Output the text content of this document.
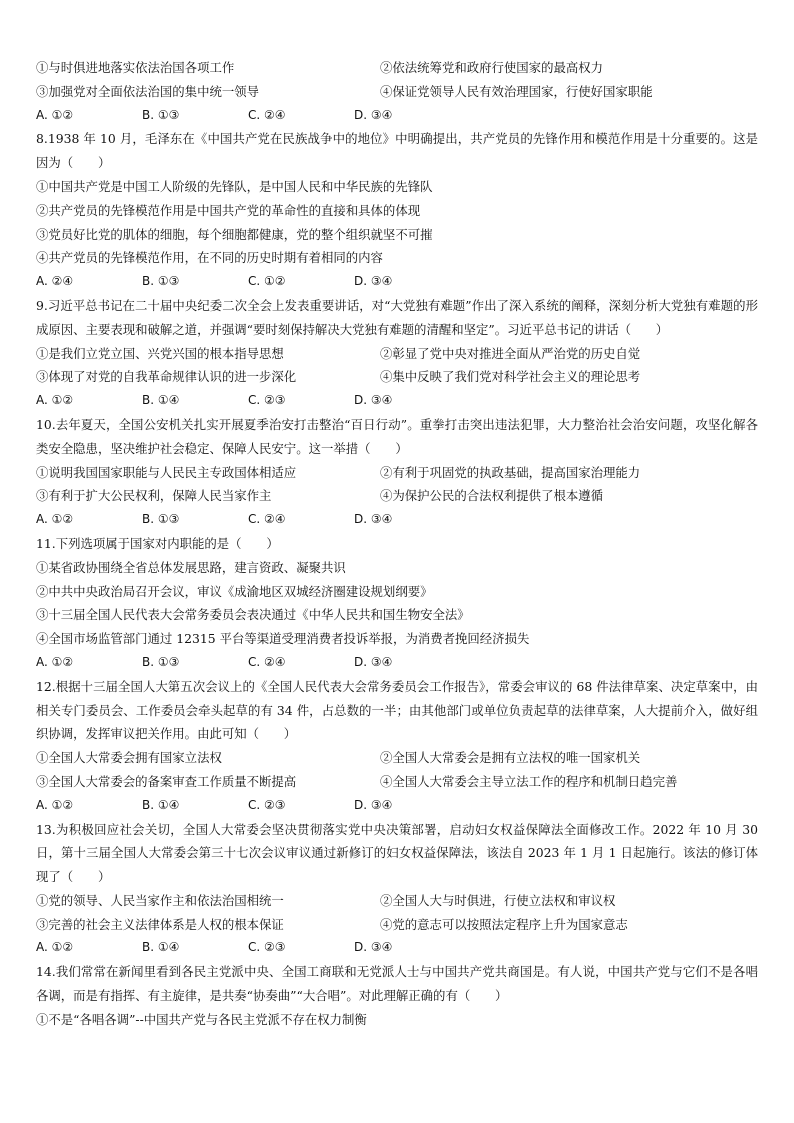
①与时俱进地落实依法治国各项工作	②依法统筹党和政府行使国家的最高权力
③加强党对全面依法治国的集中统一领导	④保证党领导人民有效治理国家，行使好国家职能
A. ①②	B. ①③	C. ②④	D. ③④
8.1938 年 10 月，毛泽东在《中国共产党在民族战争中的地位》中明确提出，共产党员的先锋作用和模范作用是十分重要的。这是因为（　　）
①中国共产党是中国工人阶级的先锋队，是中国人民和中华民族的先锋队
②共产党员的先锋模范作用是中国共产党的革命性的直接和具体的体现
③党员好比党的肌体的细胞，每个细胞都健康，党的整个组织就坚不可摧
④共产党员的先锋模范作用，在不同的历史时期有着相同的内容
A. ②④	B. ①③	C. ①②	D. ③④
9.习近平总书记在二十届中央纪委二次全会上发表重要讲话，对“大党独有难题”作出了深入系统的阐释，深刻分析大党独有难题的形成原因、主要表现和破解之道，并强调“要时刻保持解决大党独有难题的清醒和坚定”。习近平总书记的讲话（　　）
①是我们立党立国、兴党兴国的根本指导思想	②彰显了党中央对推进全面从严治党的历史自觉
③体现了对党的自我革命规律认识的进一步深化	④集中反映了我们党对科学社会主义的理论思考
A. ①②	B. ①④	C. ②③	D. ③④
10.去年夏天，全国公安机关扎实开展夏季治安打击整治“百日行动”。重拳打击突出违法犯罪，大力整治社会治安问题，攻坚化解各类安全隐患，坚决维护社会稳定、保障人民安宁。这一举措（　　）
①说明我国国家职能与人民民主专政国体相适应	②有利于巩固党的执政基础，提高国家治理能力
③有利于扩大公民权利，保障人民当家作主	④为保护公民的合法权利提供了根本遵循
A. ①②	B. ①③	C. ②④	D. ③④
11.下列选项属于国家对内职能的是（　　）
①某省政协围绕全省总体发展思路，建言资政、凝聚共识
②中共中央政治局召开会议，审议《成渝地区双城经济圈建设规划纲要》
③十三届全国人民代表大会常务委员会表决通过《中华人民共和国生物安全法》
④全国市场监管部门通过 12315 平台等渠道受理消费者投诉举报，为消费者挽回经济损失
A. ①②	B. ①③	C. ②④	D. ③④
12.根据十三届全国人大第五次会议上的《全国人民代表大会常务委员会工作报告》，常委会审议的 68 件法律草案、决定草案中，由相关专门委员会、工作委员会牵头起草的有 34 件，占总数的一半；由其他部门或单位负责起草的法律草案，人大提前介入，做好组织协调，发挥审议把关作用。由此可知（　　）
①全国人大常委会拥有国家立法权	②全国人大常委会是拥有立法权的唯一国家机关
③全国人大常委会的备案审查工作质量不断提高	④全国人大常委会主导立法工作的程序和机制日趋完善
A. ①②	B. ①④	C. ②③	D. ③④
13.为积极回应社会关切，全国人大常委会坚决贯彻落实党中央决策部署，启动妇女权益保障法全面修改工作。2022 年 10 月 30 日，第十三届全国人大常委会第三十七次会议审议通过新修订的妇女权益保障法，该法自 2023 年 1 月 1 日起施行。该法的修订体现了（　　）
①党的领导、人民当家作主和依法治国相统一	②全国人大与时俱进，行使立法权和审议权
③完善的社会主义法律体系是人权的根本保证	④党的意志可以按照法定程序上升为国家意志
A. ①②	B. ①④	C. ②③	D. ③④
14.我们常常在新闻里看到各民主党派中央、全国工商联和无党派人士与中国共产党共商国是。有人说，中国共产党与它们不是各唱各调，而是有指挥、有主旋律，是共奏“协奏曲”“大合唱”。对此理解正确的有（　　）
①不是“各唱各调”--中国共产党与各民主党派不存在权力制衡
